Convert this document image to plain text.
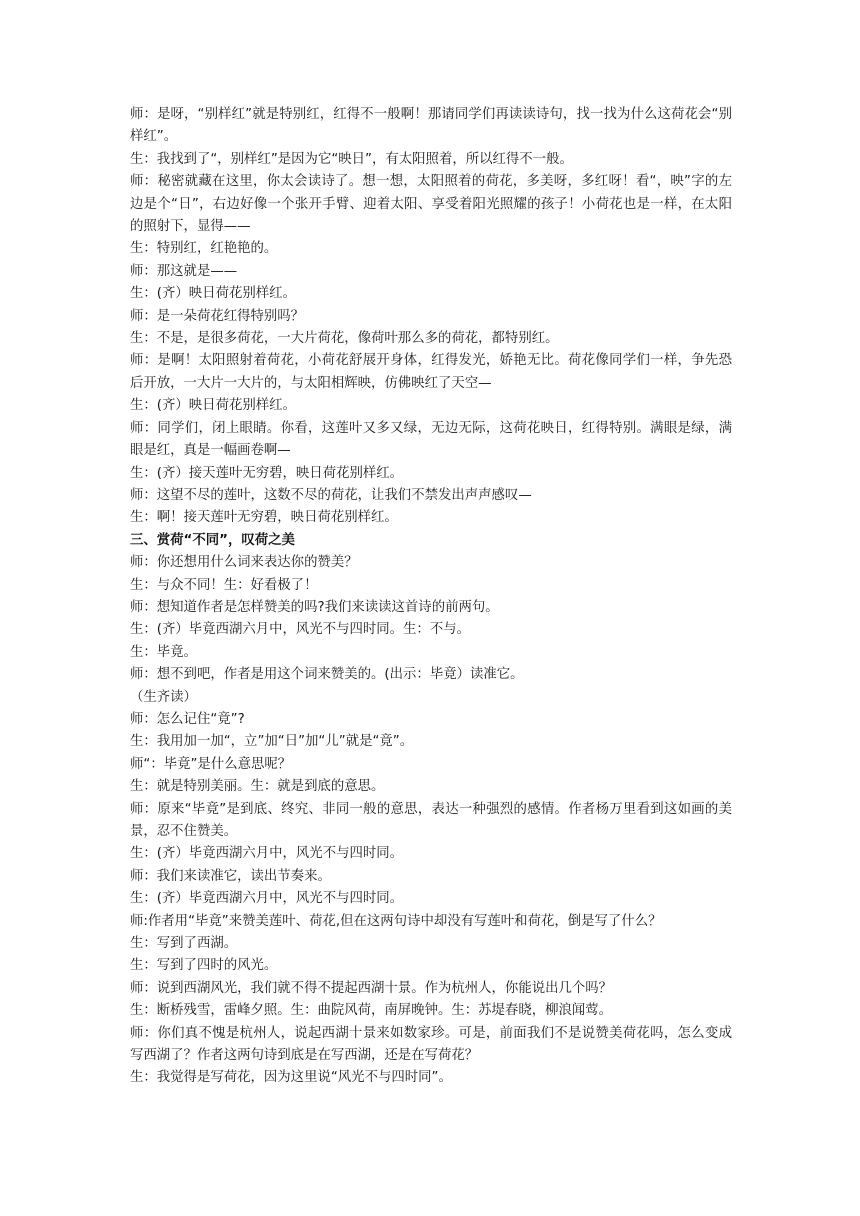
师：是呀，“别样红”就是特别红，红得不一般啊！那请同学们再读读诗句，找一找为什么这荷花会“别样红”。

生：我找到了“，别样红”是因为它“映日”，有太阳照着，所以红得不一般。

师：秘密就藏在这里，你太会读诗了。想一想，太阳照着的荷花，多美呀，多红呀！看“，映”字的左边是个“日”，右边好像一个张开手臂、迎着太阳、享受着阳光照耀的孩子！小荷花也是一样，在太阳的照射下，显得——

生：特别红，红艳艳的。

师：那这就是——

生：(齐）映日荷花别样红。

师：是一朵荷花红得特别吗？

生：不是，是很多荷花，一大片荷花，像荷叶那么多的荷花，都特别红。

师：是啊！太阳照射着荷花，小荷花舒展开身体，红得发光，娇艳无比。荷花像同学们一样，争先恐后开放，一大片一大片的，与太阳相辉映，仿佛映红了天空—

生：(齐）映日荷花别样红。

师：同学们，闭上眼睛。你看，这莲叶又多又绿，无边无际，这荷花映日，红得特别。满眼是绿，满眼是红，真是一幅画卷啊—

生：(齐）接天莲叶无穷碧，映日荷花别样红。

师：这望不尽的莲叶，这数不尽的荷花，让我们不禁发出声声感叹—

生：啊！接天莲叶无穷碧，映日荷花别样红。

三、赏荷“不同”，叹荷之美

师：你还想用什么词来表达你的赞美？

生：与众不同！生：好看极了！

师：想知道作者是怎样赞美的吗?我们来读读这首诗的前两句。

生：(齐）毕竟西湖六月中，风光不与四时同。生：不与。

生：毕竟。

师：想不到吧，作者是用这个词来赞美的。(出示：毕竟）读准它。

（生齐读）

师：怎么记住“竟”?

生：我用加一加“，立”加“日”加“儿”就是“竟”。

师“：毕竟”是什么意思呢？

生：就是特别美丽。生：就是到底的意思。

师：原来“毕竟”是到底、终究、非同一般的意思，表达一种强烈的感情。作者杨万里看到这如画的美景，忍不住赞美。

生：(齐）毕竟西湖六月中，风光不与四时同。

师：我们来读准它，读出节奏来。

生：(齐）毕竟西湖六月中，风光不与四时同。

师:作者用“毕竟”来赞美莲叶、荷花,但在这两句诗中却没有写莲叶和荷花，倒是写了什么？

生：写到了西湖。

生：写到了四时的风光。

师：说到西湖风光，我们就不得不提起西湖十景。作为杭州人，你能说出几个吗？

生：断桥残雪，雷峰夕照。生：曲院风荷，南屏晚钟。生：苏堤春晓，柳浪闻莺。

师：你们真不愧是杭州人，说起西湖十景来如数家珍。可是，前面我们不是说赞美荷花吗，怎么变成写西湖了？作者这两句诗到底是在写西湖，还是在写荷花？

生：我觉得是写荷花，因为这里说“风光不与四时同”。
